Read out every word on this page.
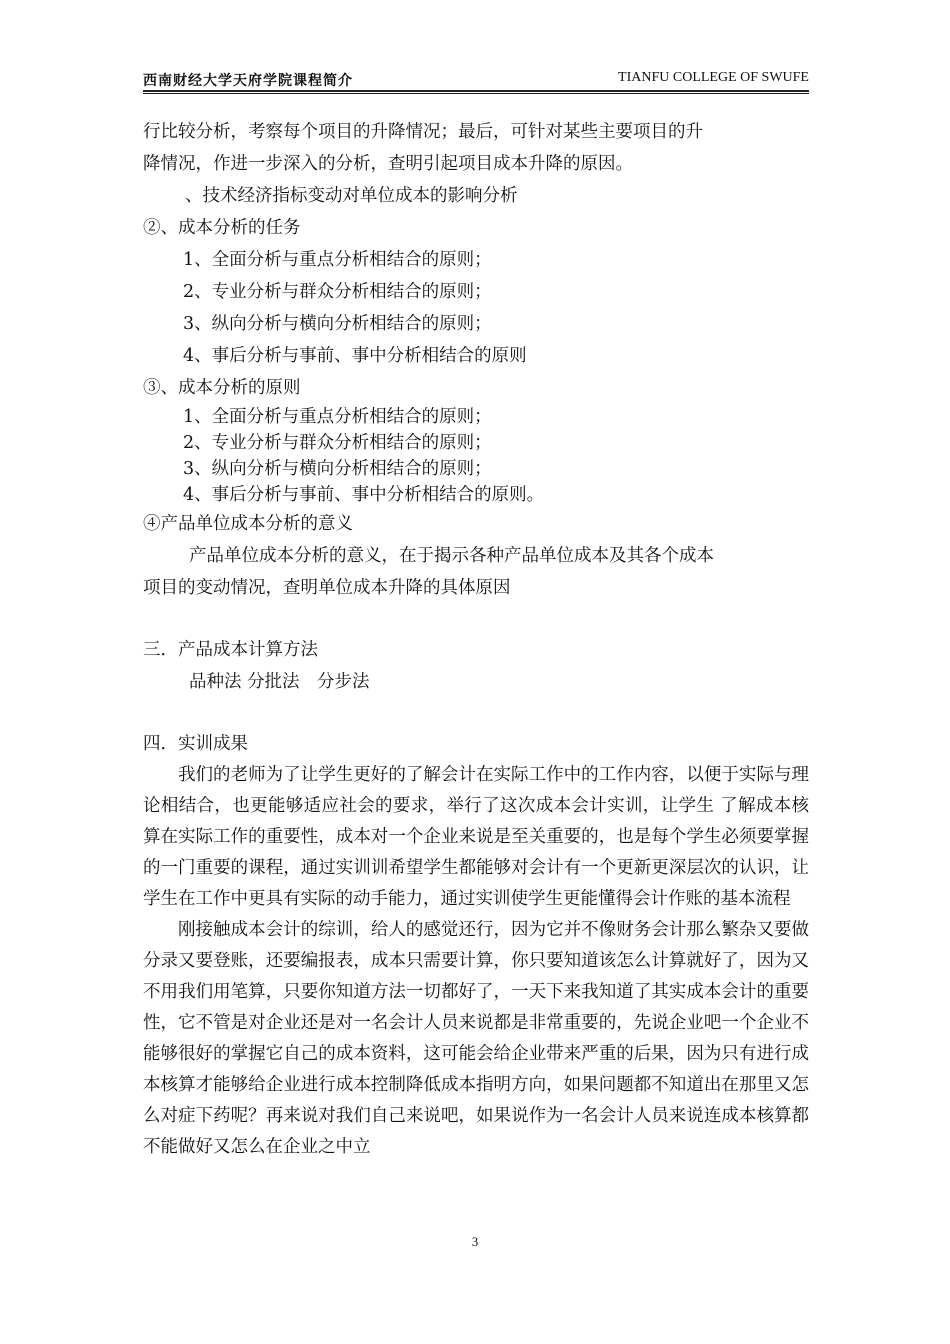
西南财经大学天府学院课程简介	TIANFU COLLEGE OF SWUFE
行比较分析，考察每个项目的升降情况；最后，可针对某些主要项目的升
降情况，作进一步深入的分析，查明引起项目成本升降的原因。
、技术经济指标变动对单位成本的影响分析
②、成本分析的任务
1、全面分析与重点分析相结合的原则；
2、专业分析与群众分析相结合的原则；
3、纵向分析与横向分析相结合的原则；
4、事后分析与事前、事中分析相结合的原则
③、成本分析的原则
1、全面分析与重点分析相结合的原则；
2、专业分析与群众分析相结合的原则；
3、纵向分析与横向分析相结合的原则；
4、事后分析与事前、事中分析相结合的原则。
④产品单位成本分析的意义
产品单位成本分析的意义，在于揭示各种产品单位成本及其各个成本
项目的变动情况，查明单位成本升降的具体原因
三．产品成本计算方法
品种法 分批法　分步法
四．实训成果

我们的老师为了让学生更好的了解会计在实际工作中的工作内容，以便于实际与理论相结合，也更能够适应社会的要求，举行了这次成本会计实训，让学生 了解成本核算在实际工作的重要性，成本对一个企业来说是至关重要的，也是每个学生必须要掌握的一门重要的课程，通过实训训希望学生都能够对会计有一个更新更深层次的认识，让学生在工作中更具有实际的动手能力，通过实训使学生更能懂得会计作账的基本流程

刚接触成本会计的综训，给人的感觉还行，因为它并不像财务会计那么繁杂又要做分录又要登账，还要编报表，成本只需要计算，你只要知道该怎么计算就好了，因为又不用我们用笔算，只要你知道方法一切都好了，一天下来我知道了其实成本会计的重要性，它不管是对企业还是对一名会计人员来说都是非常重要的，先说企业吧一个企业不能够很好的掌握它自己的成本资料，这可能会给企业带来严重的后果，因为只有进行成本核算才能够给企业进行成本控制降低成本指明方向，如果问题都不知道出在那里又怎么对症下药呢？再来说对我们自己来说吧，如果说作为一名会计人员来说连成本核算都不能做好又怎么在企业之中立

3
